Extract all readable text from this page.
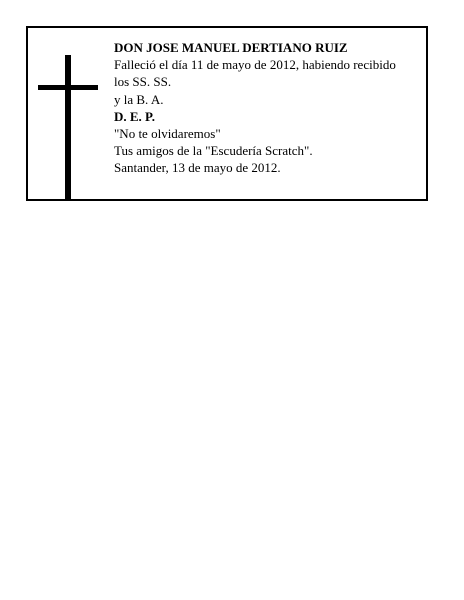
DON JOSE MANUEL DERTIANO RUIZ
Falleció el día 11 de mayo de 2012, habiendo recibido
los SS. SS.
y la B. A.
D. E. P.
"No te olvidaremos"
Tus amigos de la "Escudería Scratch".
Santander, 13 de mayo de 2012.
